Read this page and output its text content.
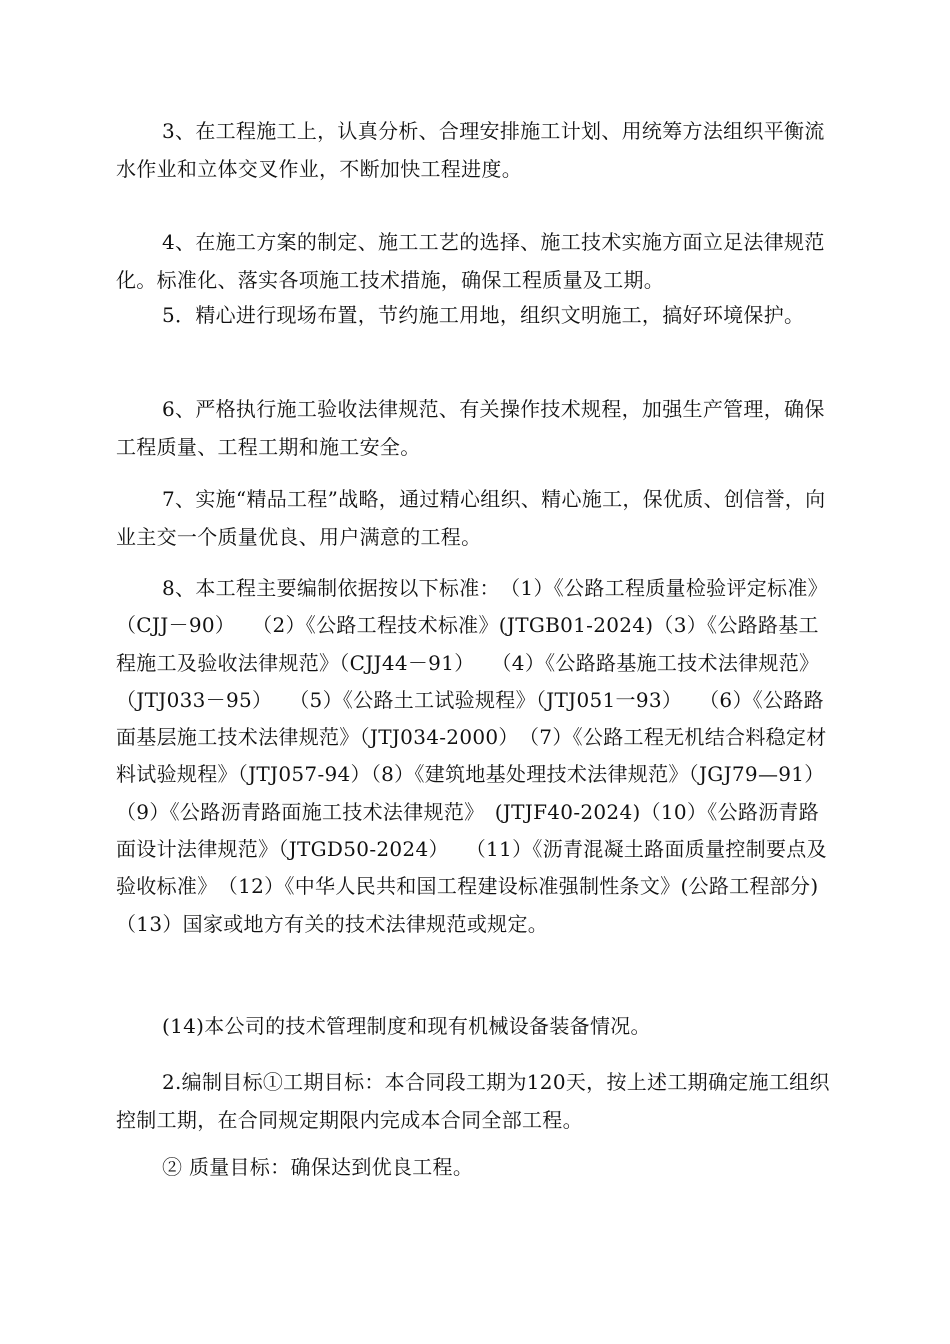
3、在工程施工上，认真分析、合理安排施工计划、用统筹方法组织平衡流水作业和立体交叉作业，不断加快工程进度。

4、在施工方案的制定、施工工艺的选择、施工技术实施方面立足法律规范化。标准化、落实各项施工技术措施，确保工程质量及工期。

5．精心进行现场布置，节约施工用地，组织文明施工，搞好环境保护。

6、严格执行施工验收法律规范、有关操作技术规程，加强生产管理，确保工程质量、工程工期和施工安全。

7、实施“精品工程”战略，通过精心组织、精心施工，保优质、创信誉，向业主交一个质量优良、用户满意的工程。

8、本工程主要编制依据按以下标准：　（1）《公路工程质量检验评定标准》（CJJ－90）　 （2）《公路工程技术标准》(JTGB01-2024)（3）《公路路基工程施工及验收法律规范》（CJJ44－91）　 （4）《公路路基施工技术法律规范》（JTJ033－95）　 （5）《公路土工试验规程》（JTJ051一93）　 （6）《公路路面基层施工技术法律规范》（JTJ034-2000）　（7）《公路工程无机结合料稳定材料试验规程》（JTJ057-94）（8）《建筑地基处理技术法律规范》（JGJ79—91）　 （9）《公路沥青路面施工技术法律规范》　(JTJF40-2024)（10）《公路沥青路面设计法律规范》（JTGD50-2024）　 （11）《沥青混凝土路面质量控制要点及验收标准》　（12）《中华人民共和国工程建设标准强制性条文》(公路工程部分)（13）国家或地方有关的技术法律规范或规定。

(14)本公司的技术管理制度和现有机械设备装备情况。

2.编制目标①工期目标：本合同段工期为120天，按上述工期确定施工组织控制工期，在合同规定期限内完成本合同全部工程。

② 质量目标：确保达到优良工程。
